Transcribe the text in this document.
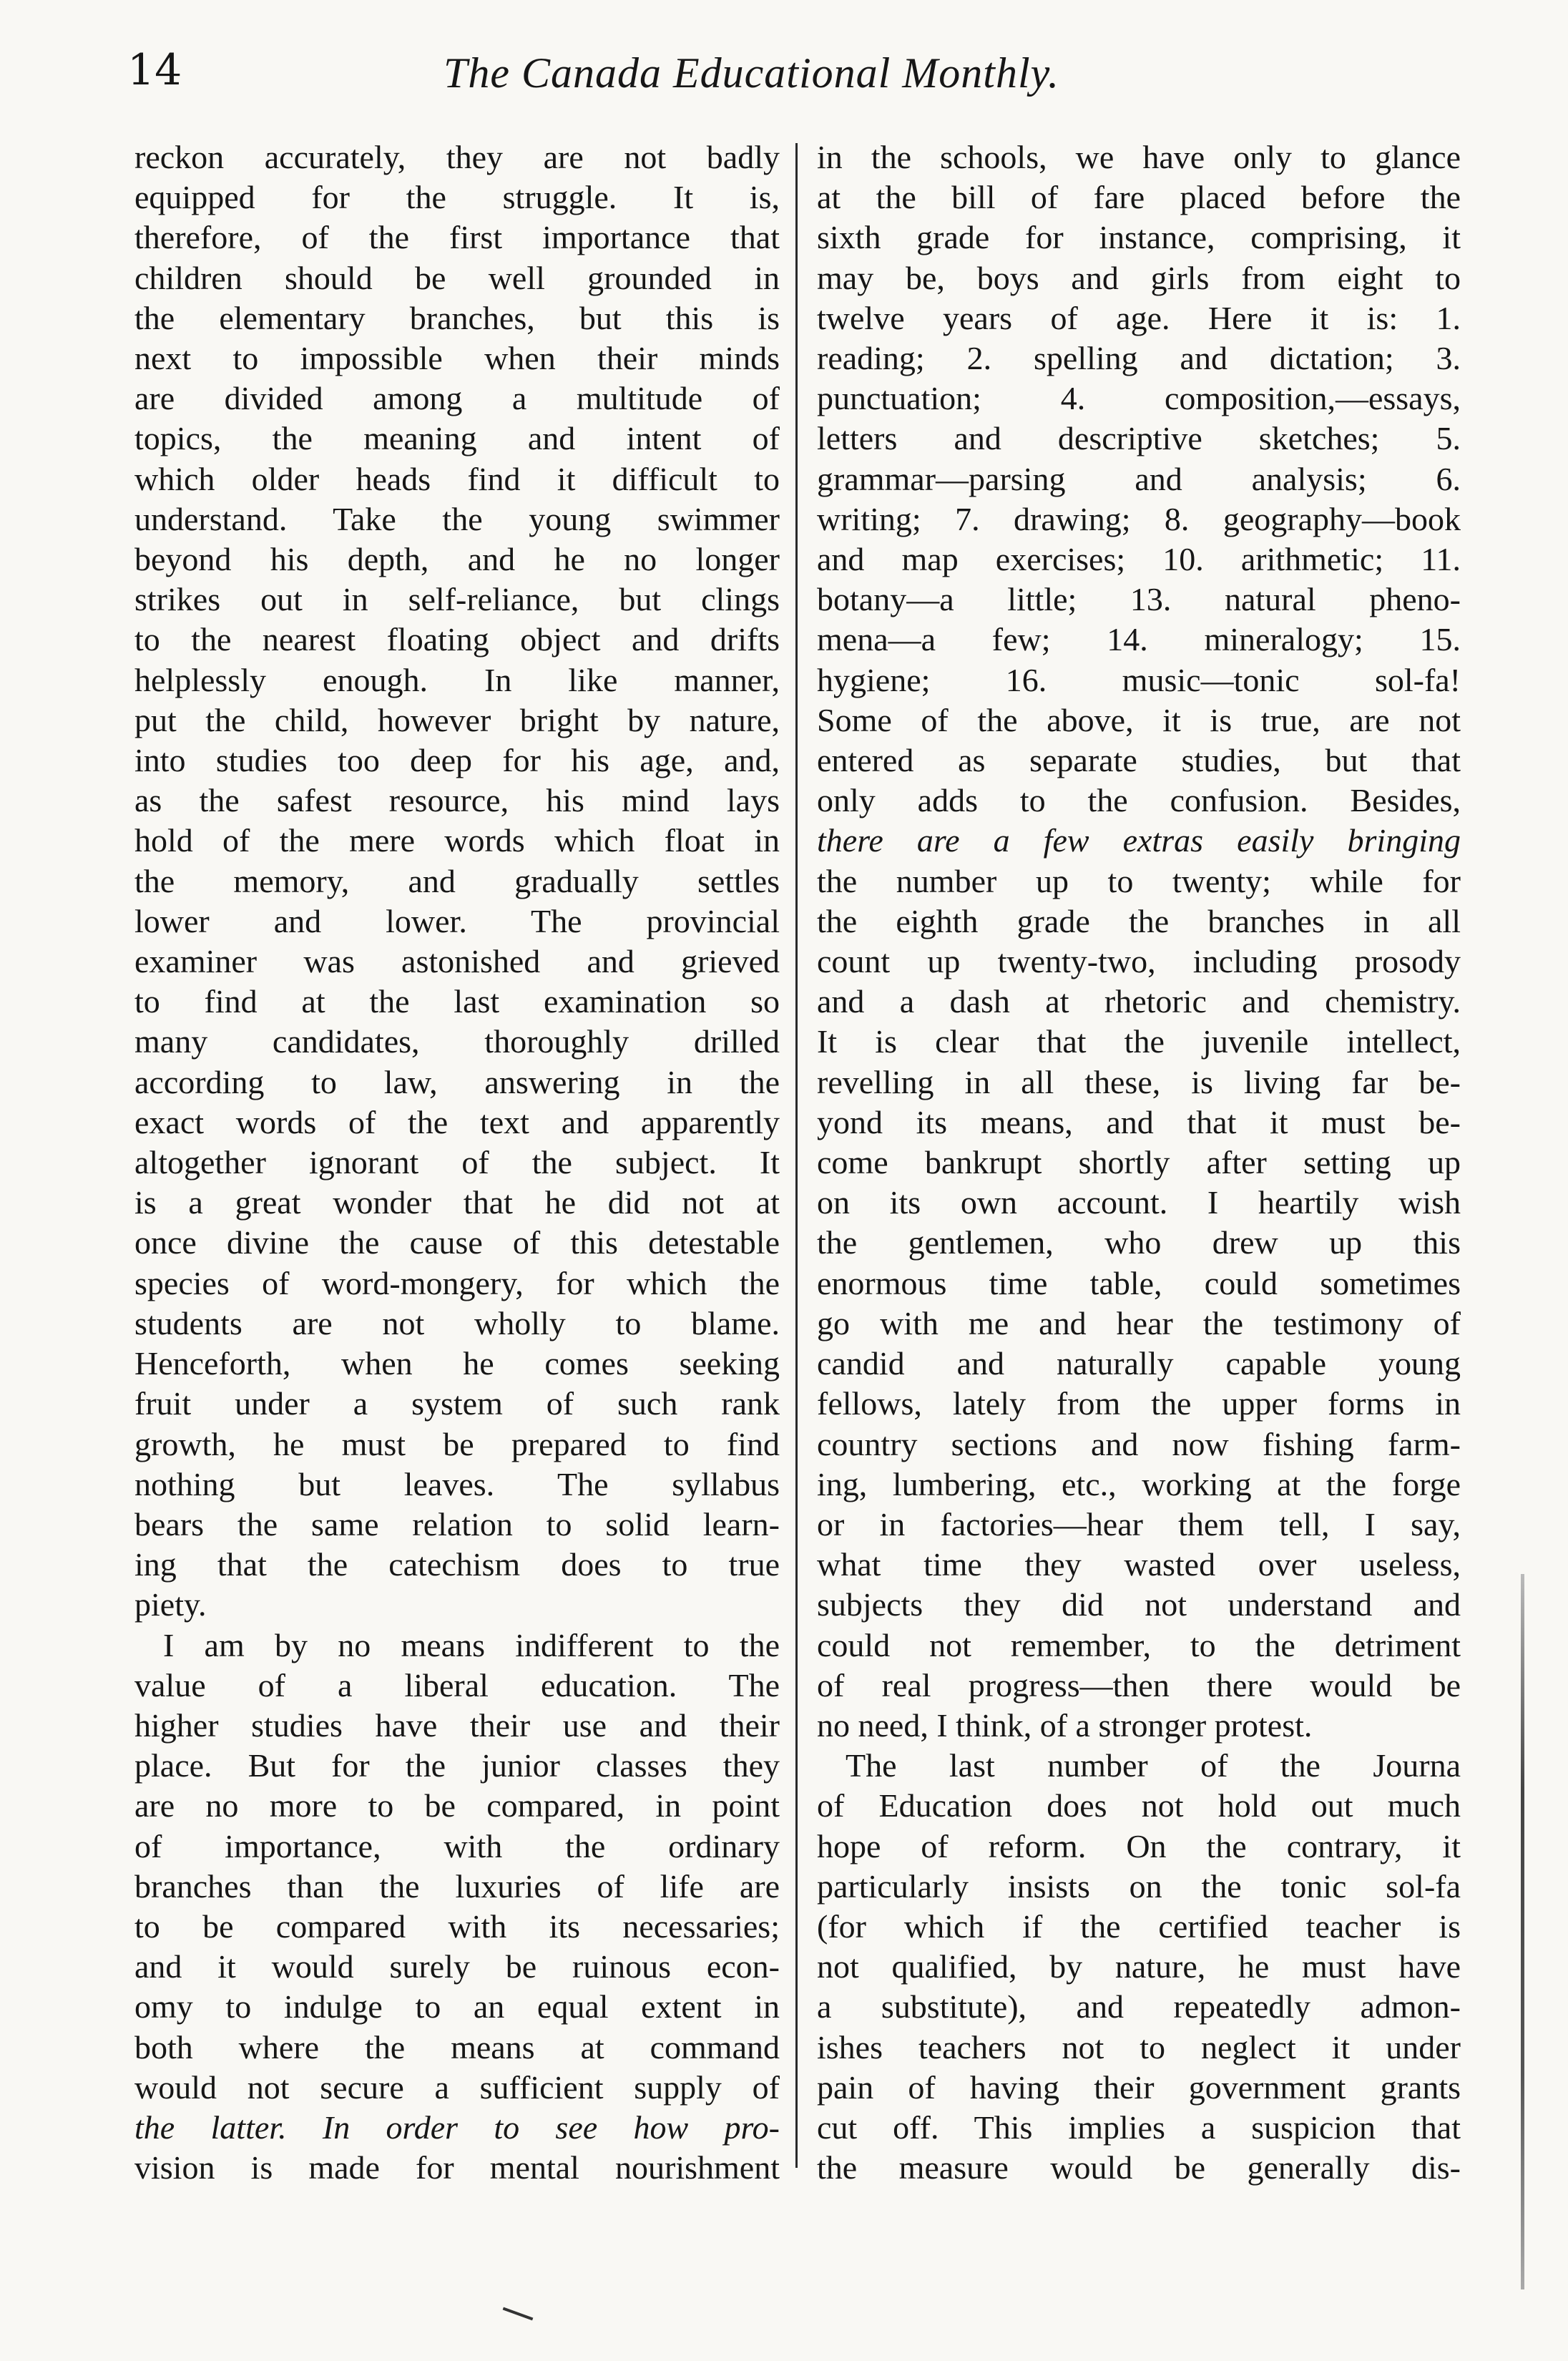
14	The Canada Educational Monthly.
reckon accurately, they are not badly
equipped for the struggle. It is,
therefore, of the first importance that
children should be well grounded in
the elementary branches, but this is
next to impossible when their minds
are divided among a multitude of
topics, the meaning and intent of
which older heads find it difficult to
understand. Take the young swimmer
beyond his depth, and he no longer
strikes out in self-reliance, but clings
to the nearest floating object and drifts
helplessly enough. In like manner,
put the child, however bright by nature,
into studies too deep for his age, and,
as the safest resource, his mind lays
hold of the mere words which float in
the memory, and gradually settles
lower and lower. The provincial
examiner was astonished and grieved
to find at the last examination so
many candidates, thoroughly drilled
according to law, answering in the
exact words of the text and apparently
altogether ignorant of the subject. It
is a great wonder that he did not at
once divine the cause of this detestable
species of word-mongery, for which the
students are not wholly to blame.
Henceforth, when he comes seeking
fruit under a system of such rank
growth, he must be prepared to find
nothing but leaves. The syllabus
bears the same relation to solid learn-
ing that the catechism does to true
piety.
I am by no means indifferent to the
value of a liberal education. The
higher studies have their use and their
place. But for the junior classes they
are no more to be compared, in point
of importance, with the ordinary
branches than the luxuries of life are
to be compared with its necessaries;
and it would surely be ruinous econ-
omy to indulge to an equal extent in
both where the means at command
would not secure a sufficient supply of
the latter. In order to see how pro-
vision is made for mental nourishment
in the schools, we have only to glance
at the bill of fare placed before the
sixth grade for instance, comprising, it
may be, boys and girls from eight to
twelve years of age. Here it is: 1.
reading; 2. spelling and dictation; 3.
punctuation; 4. composition,—essays,
letters and descriptive sketches; 5.
grammar—parsing and analysis; 6.
writing; 7. drawing; 8. geography—book
and map exercises; 10. arithmetic; 11.
botany—a little; 13. natural pheno-
mena—a few; 14. mineralogy; 15.
hygiene; 16. music—tonic sol-fa!
Some of the above, it is true, are not
entered as separate studies, but that
only adds to the confusion. Besides,
there are a few extras easily bringing
the number up to twenty; while for
the eighth grade the branches in all
count up twenty-two, including prosody
and a dash at rhetoric and chemistry.
It is clear that the juvenile intellect,
revelling in all these, is living far be-
yond its means, and that it must be-
come bankrupt shortly after setting up
on its own account. I heartily wish
the gentlemen, who drew up this
enormous time table, could sometimes
go with me and hear the testimony of
candid and naturally capable young
fellows, lately from the upper forms in
country sections and now fishing farm-
ing, lumbering, etc., working at the forge
or in factories—hear them tell, I say,
what time they wasted over useless,
subjects they did not understand and
could not remember, to the detriment
of real progress—then there would be
no need, I think, of a stronger protest.
The last number of the Journa
of Education does not hold out much
hope of reform. On the contrary, it
particularly insists on the tonic sol-fa
(for which if the certified teacher is
not qualified, by nature, he must have
a substitute), and repeatedly admon-
ishes teachers not to neglect it under
pain of having their government grants
cut off. This implies a suspicion that
the measure would be generally dis-
